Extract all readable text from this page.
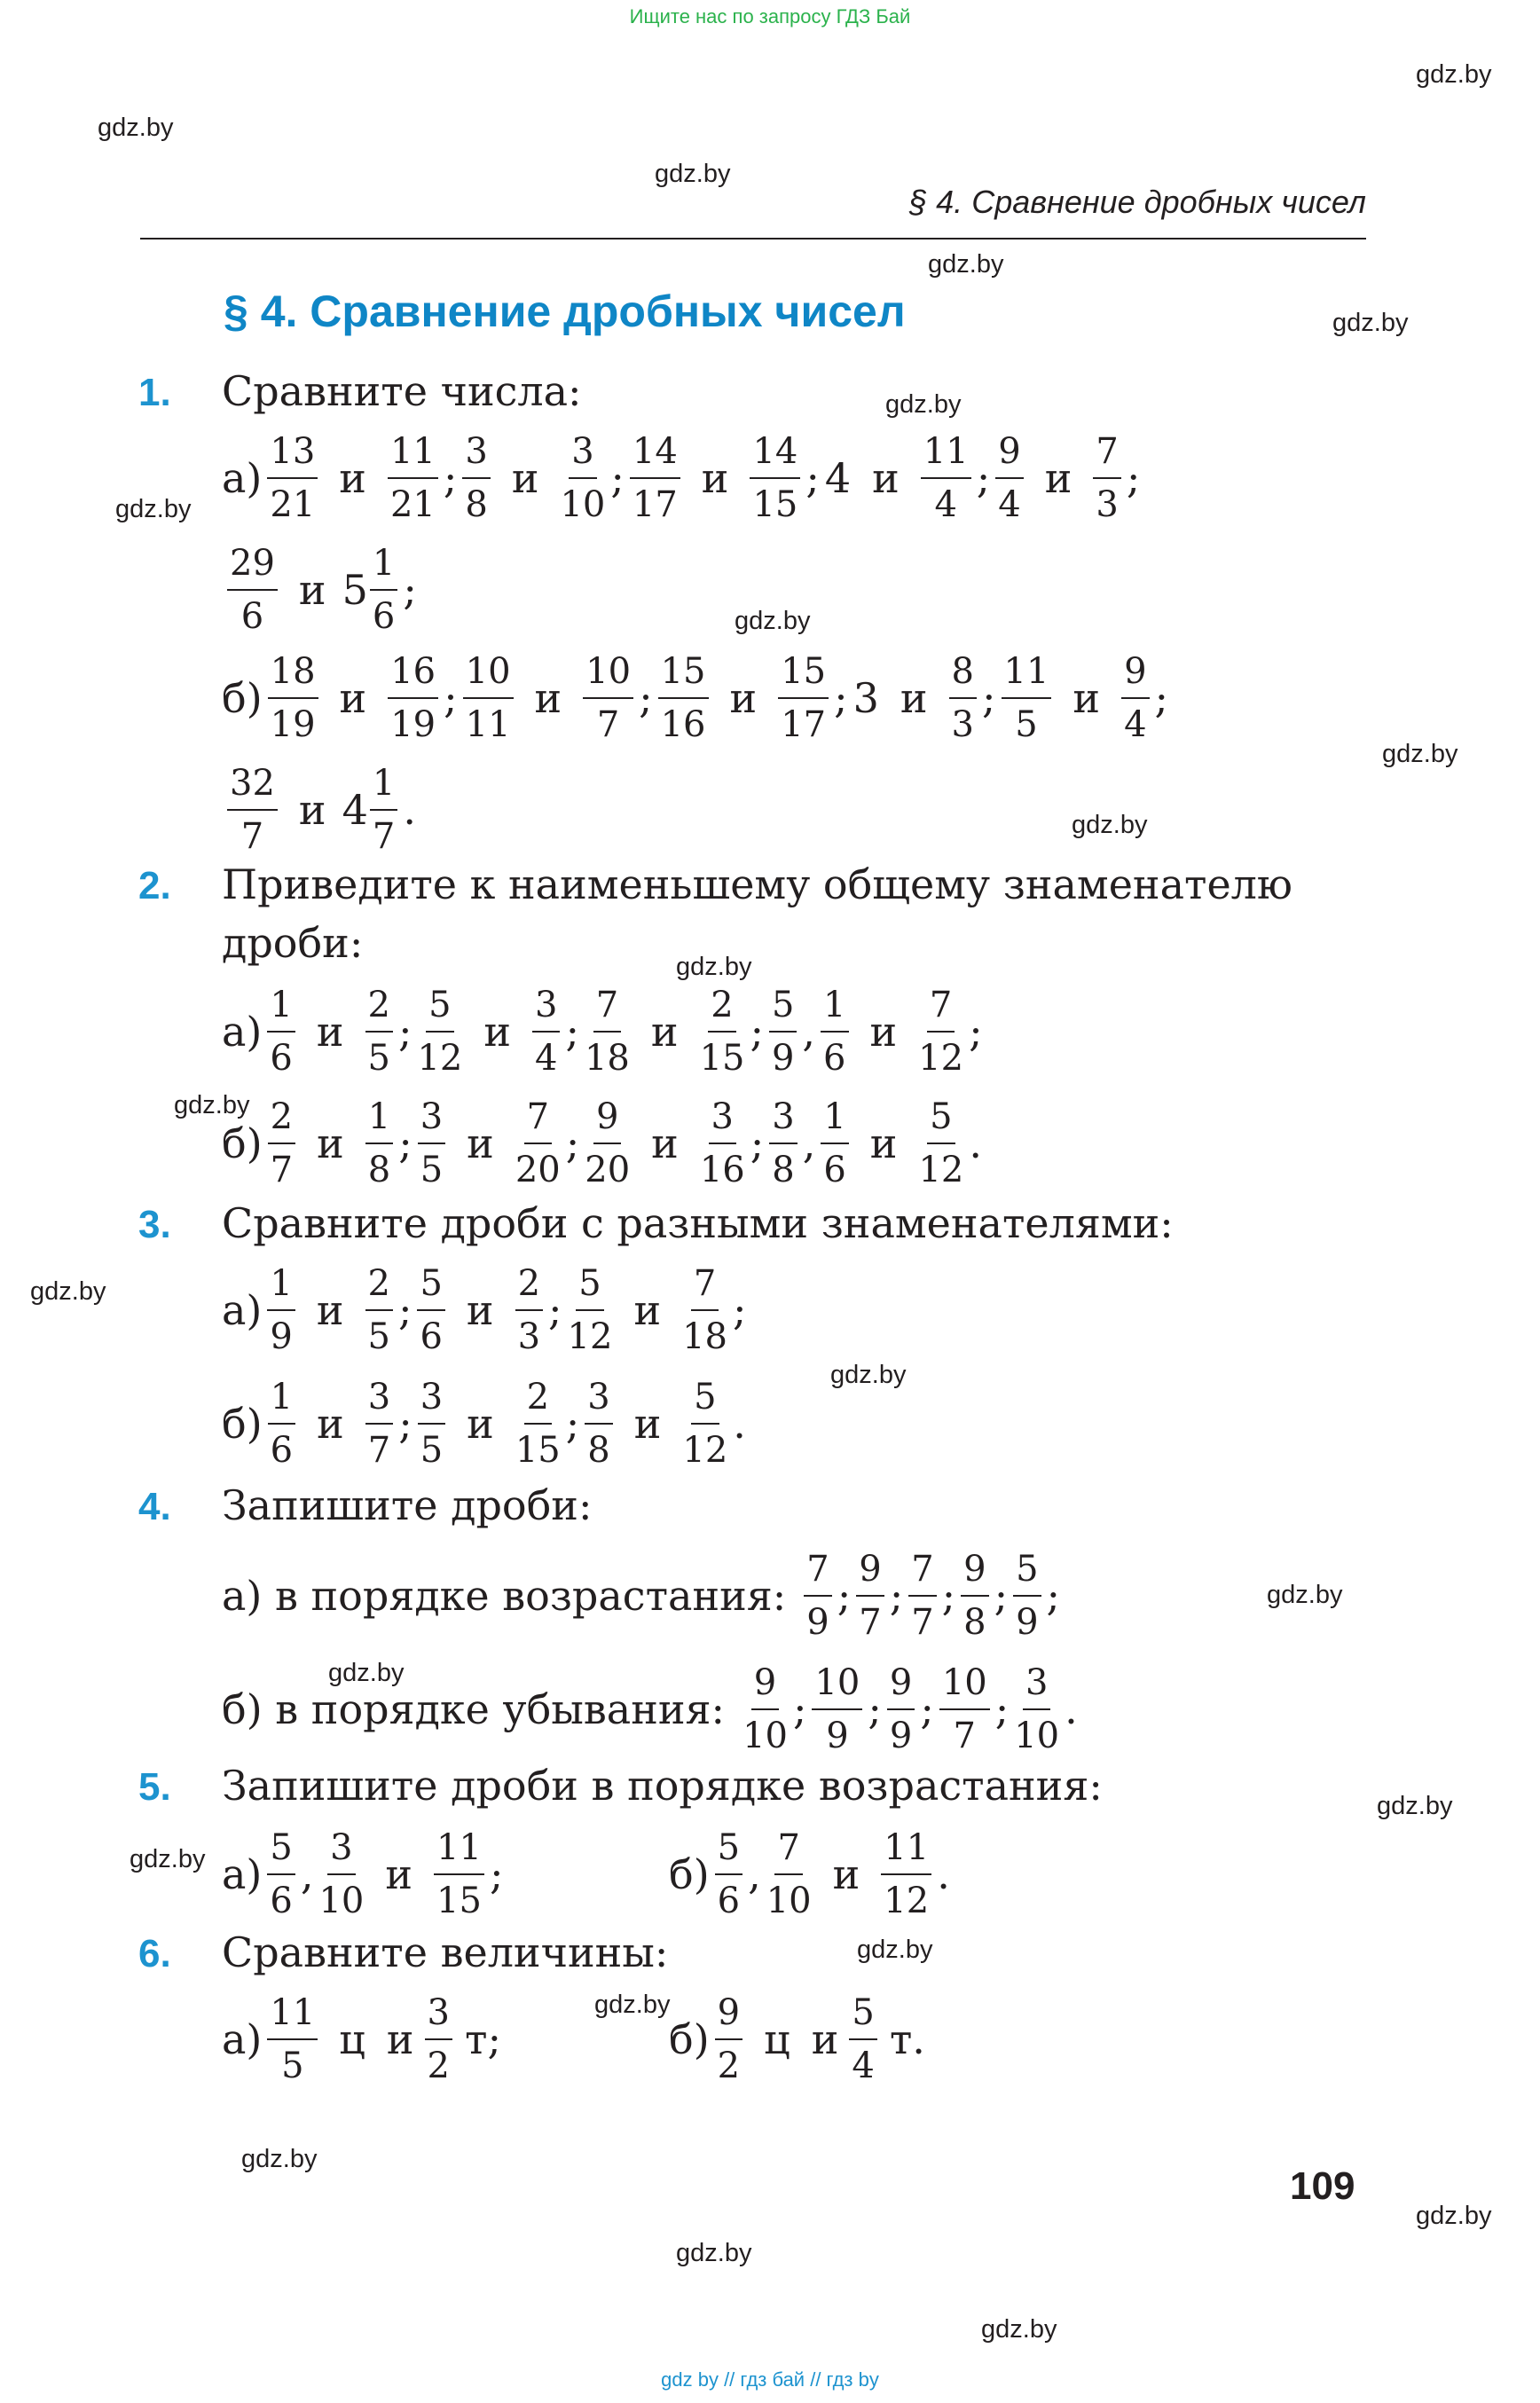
Ищите нас по запросу ГДЗ Бай
gdz.by
gdz.by
gdz.by
gdz.by
gdz.by
gdz.by
gdz.by
gdz.by
gdz.by
gdz.by
gdz.by
gdz.by
gdz.by
gdz.by
gdz.by
gdz.by
gdz.by
gdz.by
gdz.by
gdz.by
gdz.by
gdz.by
gdz.by
gdz.by
§ 4. Сравнение дробных чисел
§ 4. Сравнение дробных чисел
1. Сравните числа:
а)
13
21
и
11
21
;
3
8
и
3
10
;
14
17
и
14
15
; 4 и
11
4
;
9
4
и
7
3
;
29
6
и 5
1
6
;
б)
18
19
и
16
19
;
10
11
и
10
7
;
15
16
и
15
17
; 3 и
8
3
;
11
5
и
9
4
;
32
7
и 4
1
7
.
2. Приведите к наименьшему общему знаменателю
дроби:
а)
1
6
и
2
5
;
5
12
и
3
4
;
7
18
и
2
15
;
5
9
,
1
6
и
7
12
;
б)
2
7
и
1
8
;
3
5
и
7
20
;
9
20
и
3
16
;
3
8
,
1
6
и
5
12
.
3. Сравните дроби с разными знаменателями:
а)
1
9
и
2
5
;
5
6
и
2
3
;
5
12
и
7
18
;
б)
1
6
и
3
7
;
3
5
и
2
15
;
3
8
и
5
12
.
4. Запишите дроби:
а) в порядке возрастания:
7
9
;
9
7
;
7
7
;
9
8
;
5
9
;
б) в порядке убывания:
9
10
;
10
9
;
9
9
;
10
7
;
3
10
.
5. Запишите дроби в порядке возрастания:
а)
5
6
,
3
10
и
11
15
;	б)
5
6
,
7
10
и
11
12
.
6. Сравните величины:
а)
11
5
ц и
3
2
т;	б)
9
2
ц и
5
4
т.
109
gdz by // гдз бай // гдз by
